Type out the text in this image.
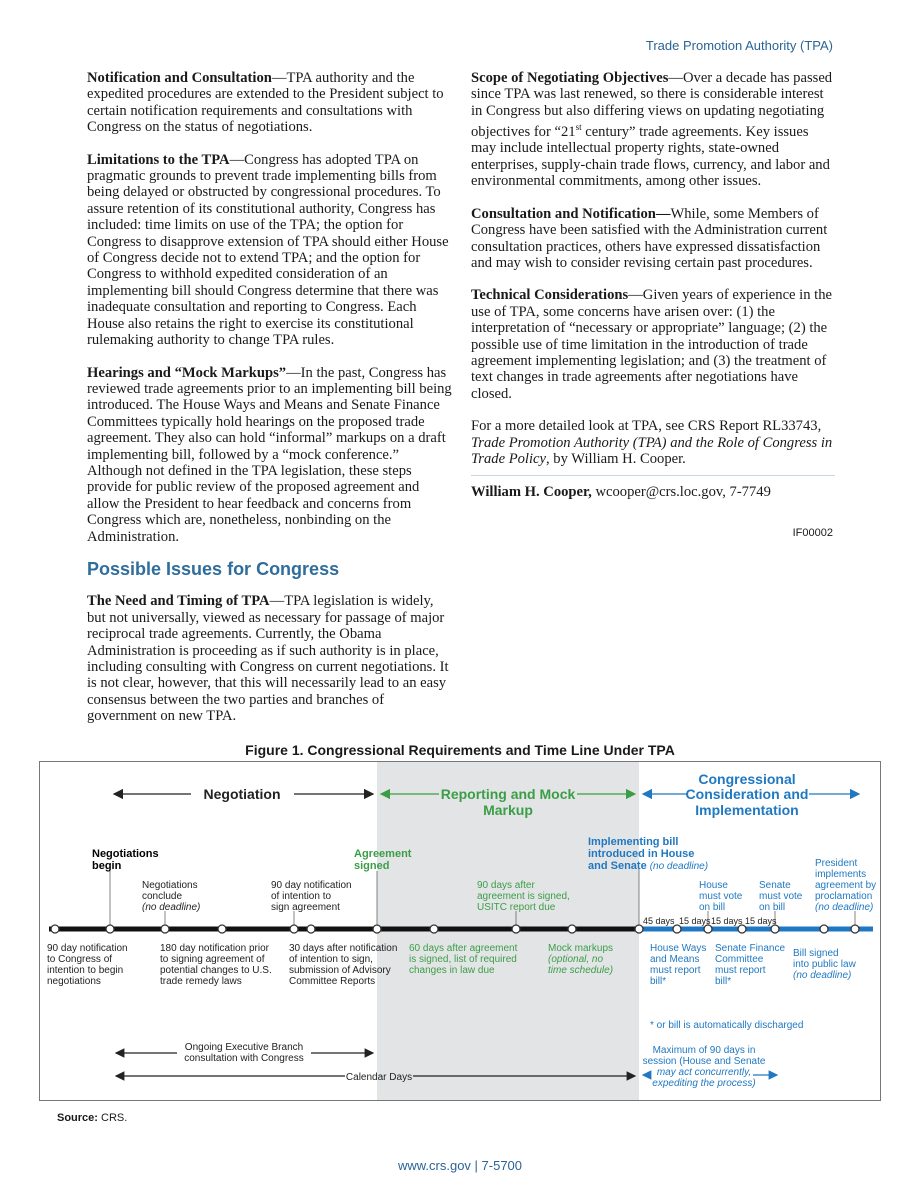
Trade Promotion Authority (TPA)

Notification and Consultation—TPA authority and the expedited procedures are extended to the President subject to certain notification requirements and consultations with Congress on the status of negotiations.

Limitations to the TPA—Congress has adopted TPA on pragmatic grounds to prevent trade implementing bills from being delayed or obstructed by congressional procedures. To assure retention of its constitutional authority, Congress has included: time limits on use of the TPA; the option for Congress to disapprove extension of TPA should either House of Congress decide not to extend TPA; and the option for Congress to withhold expedited consideration of an implementing bill should Congress determine that there was inadequate consultation and reporting to Congress. Each House also retains the right to exercise its constitutional rulemaking authority to change TPA rules.

Hearings and “Mock Markups”—In the past, Congress has reviewed trade agreements prior to an implementing bill being introduced. The House Ways and Means and Senate Finance Committees typically hold hearings on the proposed trade agreement. They also can hold “informal” markups on a draft implementing bill, followed by a “mock conference.” Although not defined in the TPA legislation, these steps provide for public review of the proposed agreement and allow the President to hear feedback and concerns from Congress which are, nonetheless, nonbinding on the Administration.

Possible Issues for Congress

The Need and Timing of TPA—TPA legislation is widely, but not universally, viewed as necessary for passage of major reciprocal trade agreements. Currently, the Obama Administration is proceeding as if such authority is in place, including consulting with Congress on current negotiations. It is not clear, however, that this will necessarily lead to an easy consensus between the two parties and branches of government on new TPA.

Scope of Negotiating Objectives—Over a decade has passed since TPA was last renewed, so there is considerable interest in Congress but also differing views on updating negotiating objectives for “21st century” trade agreements. Key issues may include intellectual property rights, state-owned enterprises, supply-chain trade flows, currency, and labor and environmental commitments, among other issues.

Consultation and Notification—While, some Members of Congress have been satisfied with the Administration current consultation practices, others have expressed dissatisfaction and may wish to consider revising certain past procedures.

Technical Considerations—Given years of experience in the use of TPA, some concerns have arisen over: (1) the interpretation of “necessary or appropriate” language; (2) the possible use of time limitation in the introduction of trade agreement implementing legislation; and (3) the treatment of text changes in trade agreements after negotiations have closed.

For a more detailed look at TPA, see CRS Report RL33743, Trade Promotion Authority (TPA) and the Role of Congress in Trade Policy, by William H. Cooper.

William H. Cooper, wcooper@crs.loc.gov, 7-7749

IF00002
Figure 1. Congressional Requirements and Time Line Under TPA
Negotiation	Reporting and Mock
Markup
Congressional
Consideration and
Implementation
Negotiations
begin
Negotiations
conclude
(no deadline)
90 day notification
of intention to
sign agreement
Agreement
signed
90 days after
agreement is signed,
USITC report due
Implementing bill
introduced in House
and Senate (no deadline)
House
must vote
on bill
Senate
must vote
on bill
President
implements
agreement by
proclamation
(no deadline)
45 days 15 days 15 days 15 days
90 day notification
to Congress of
intention to begin
negotiations
180 day notification prior
to signing agreement of
potential changes to U.S.
trade remedy laws
30 days after notification
of intention to sign,
submission of Advisory
Committee Reports
60 days after agreement
is signed, list of required
changes in law due
Mock markups
(optional, no
time schedule)
House Ways
and Means
must report
bill*
Senate Finance
Committee
must report
bill*
Bill signed
into public law
(no deadline)
* or bill is automatically discharged
Ongoing Executive Branch
consultation with Congress
Calendar Days
Maximum of 90 days in
session (House and Senate
may act concurrently,
expediting the process)
Source: CRS.
www.crs.gov | 7-5700
